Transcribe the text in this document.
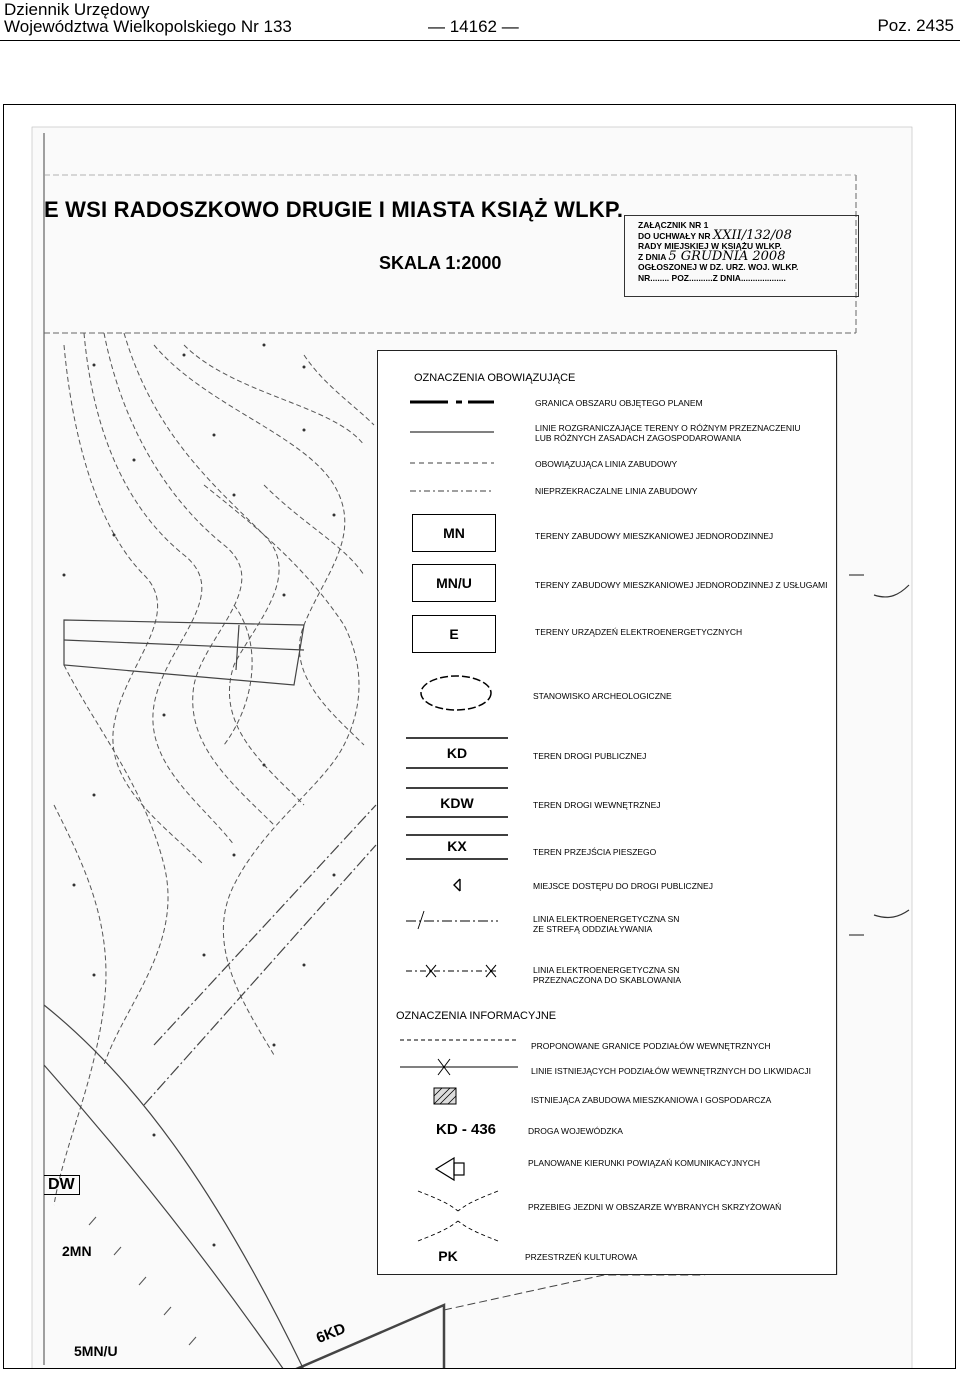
Dziennik Urzędowy
Województwa Wielkopolskiego Nr 133	— 14162 —	Poz. 2435
E WSI RADOSZKOWO DRUGIE I MIASTA KSIĄŻ WLKP.
SKALA 1:2000
ZAŁĄCZNIK NR 1
DO UCHWAŁY NR XXII/132/08
RADY MIEJSKIEJ W KSIĄŻU WLKP.
Z DNIA 5 GRUDNIA 2008
OGŁOSZONEJ W DZ. URZ. WOJ. WLKP.
NR........ POZ..........Z DNIA...................
DW
2MN
6KD
5MN/U
OZNACZENIA OBOWIĄZUJĄCE
GRANICA OBSZARU OBJĘTEGO PLANEM
LINIE ROZGRANICZAJĄCE TERENY O RÓŻNYM PRZEZNACZENIU
LUB RÓŻNYCH ZASADACH ZAGOSPODAROWANIA
OBOWIĄZUJĄCA LINIA ZABUDOWY
NIEPRZEKRACZALNE LINIA ZABUDOWY
MN	TERENY ZABUDOWY MIESZKANIOWEJ JEDNORODZINNEJ
MN/U	TERENY ZABUDOWY MIESZKANIOWEJ JEDNORODZINNEJ Z USŁUGAMI
E	TERENY URZĄDZEŃ ELEKTROENERGETYCZNYCH
STANOWISKO ARCHEOLOGICZNE
KD	TEREN DROGI PUBLICZNEJ
KDW	TEREN DROGI WEWNĘTRZNEJ
KX	TEREN PRZEJŚCIA PIESZEGO
MIEJSCE DOSTĘPU DO DROGI PUBLICZNEJ
LINIA ELEKTROENERGETYCZNA SN
ZE STREFĄ ODDZIAŁYWANIA
LINIA ELEKTROENERGETYCZNA SN
PRZEZNACZONA DO SKABLOWANIA
OZNACZENIA INFORMACYJNE
PROPONOWANE GRANICE PODZIAŁÓW WEWNĘTRZNYCH
LINIE ISTNIEJĄCYCH PODZIAŁÓW WEWNĘTRZNYCH DO LIKWIDACJI
ISTNIEJĄCA ZABUDOWA MIESZKANIOWA I GOSPODARCZA
KD - 436	DROGA WOJEWÓDZKA
PLANOWANE KIERUNKI POWIĄZAŃ KOMUNIKACYJNYCH
PRZEBIEG JEZDNI W OBSZARZE WYBRANYCH SKRZYŻOWAŃ
PK	PRZESTRZEŃ KULTUROWA
